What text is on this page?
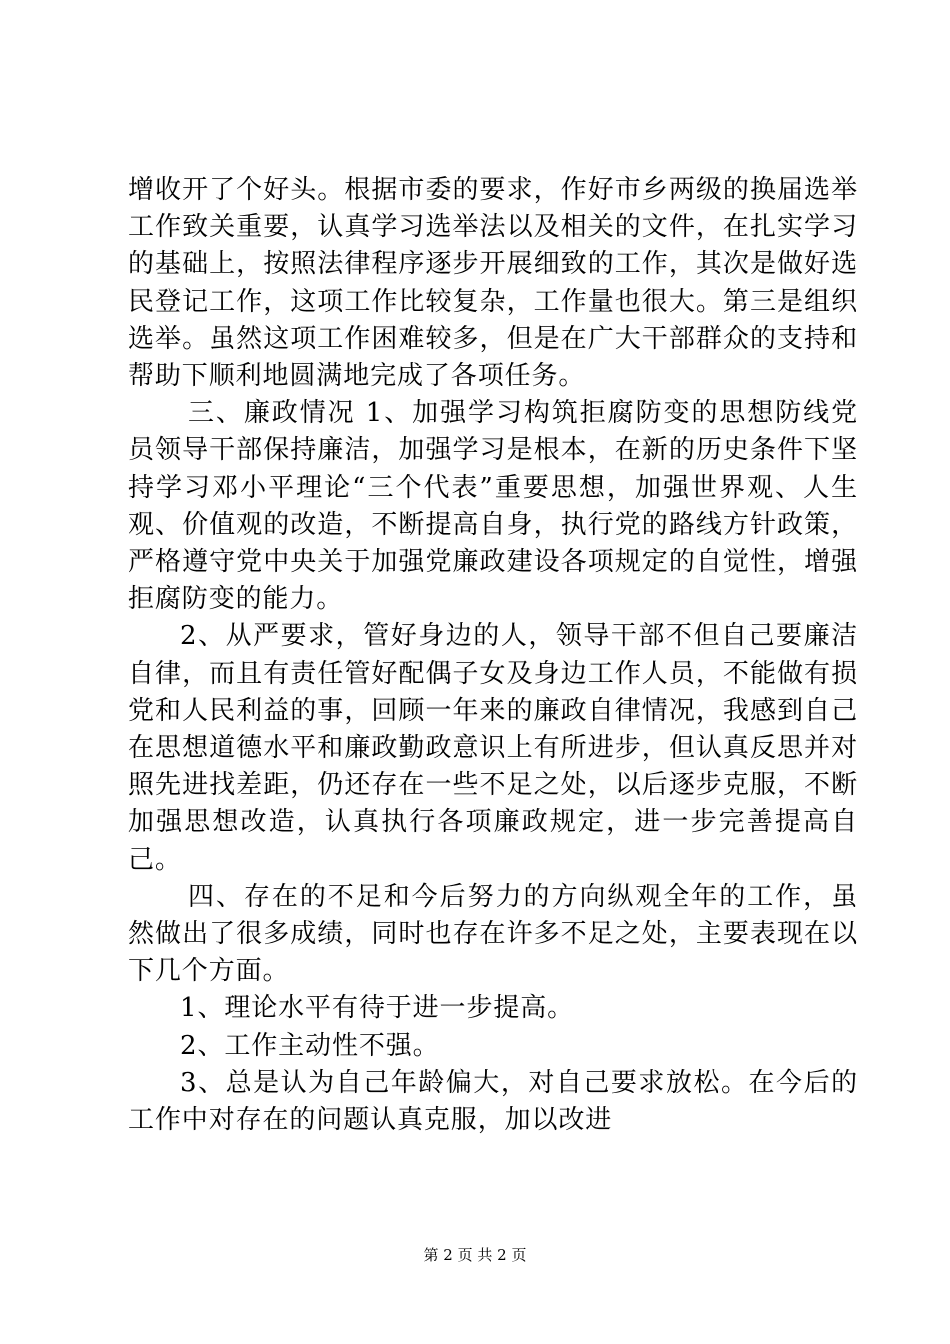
增收开了个好头。根据市委的要求，作好市乡两级的换届选举工作致关重要，认真学习选举法以及相关的文件，在扎实学习的基础上，按照法律程序逐步开展细致的工作，其次是做好选民登记工作，这项工作比较复杂，工作量也很大。第三是组织选举。虽然这项工作困难较多，但是在广大干部群众的支持和帮助下顺利地圆满地完成了各项任务。

三、廉政情况 1、加强学习构筑拒腐防变的思想防线党员领导干部保持廉洁，加强学习是根本，在新的历史条件下坚持学习邓小平理论“三个代表”重要思想，加强世界观、人生观、价值观的改造，不断提高自身，执行党的路线方针政策，严格遵守党中央关于加强党廉政建设各项规定的自觉性，增强拒腐防变的能力。

2、从严要求，管好身边的人，领导干部不但自己要廉洁自律，而且有责任管好配偶子女及身边工作人员，不能做有损党和人民利益的事，回顾一年来的廉政自律情况，我感到自己在思想道德水平和廉政勤政意识上有所进步，但认真反思并对照先进找差距，仍还存在一些不足之处，以后逐步克服，不断加强思想改造，认真执行各项廉政规定，进一步完善提高自己。

四、存在的不足和今后努力的方向纵观全年的工作，虽然做出了很多成绩，同时也存在许多不足之处，主要表现在以下几个方面。

1、理论水平有待于进一步提高。

2、工作主动性不强。

3、总是认为自己年龄偏大，对自己要求放松。在今后的工作中对存在的问题认真克服，加以改进

第 2 页 共 2 页
